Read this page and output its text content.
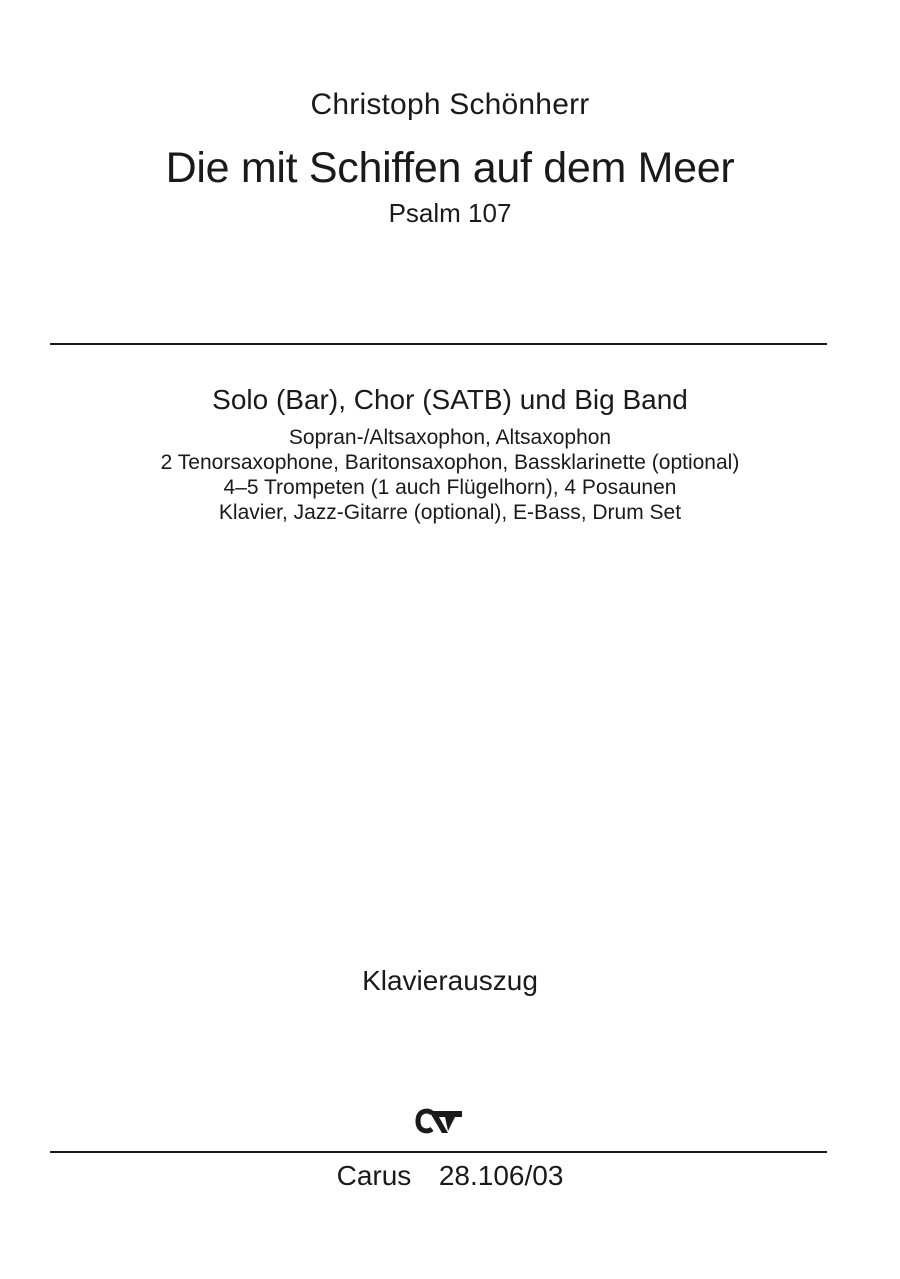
Christoph Schönherr
Die mit Schiffen auf dem Meer
Psalm 107
Solo (Bar), Chor (SATB) und Big Band
Sopran-/Altsaxophon, Altsaxophon
2 Tenorsaxophone, Baritonsaxophon, Bassklarinette (optional)
4–5 Trompeten (1 auch Flügelhorn), 4 Posaunen
Klavier, Jazz-Gitarre (optional), E-Bass, Drum Set
Klavierauszug
Carus  28.106/03
